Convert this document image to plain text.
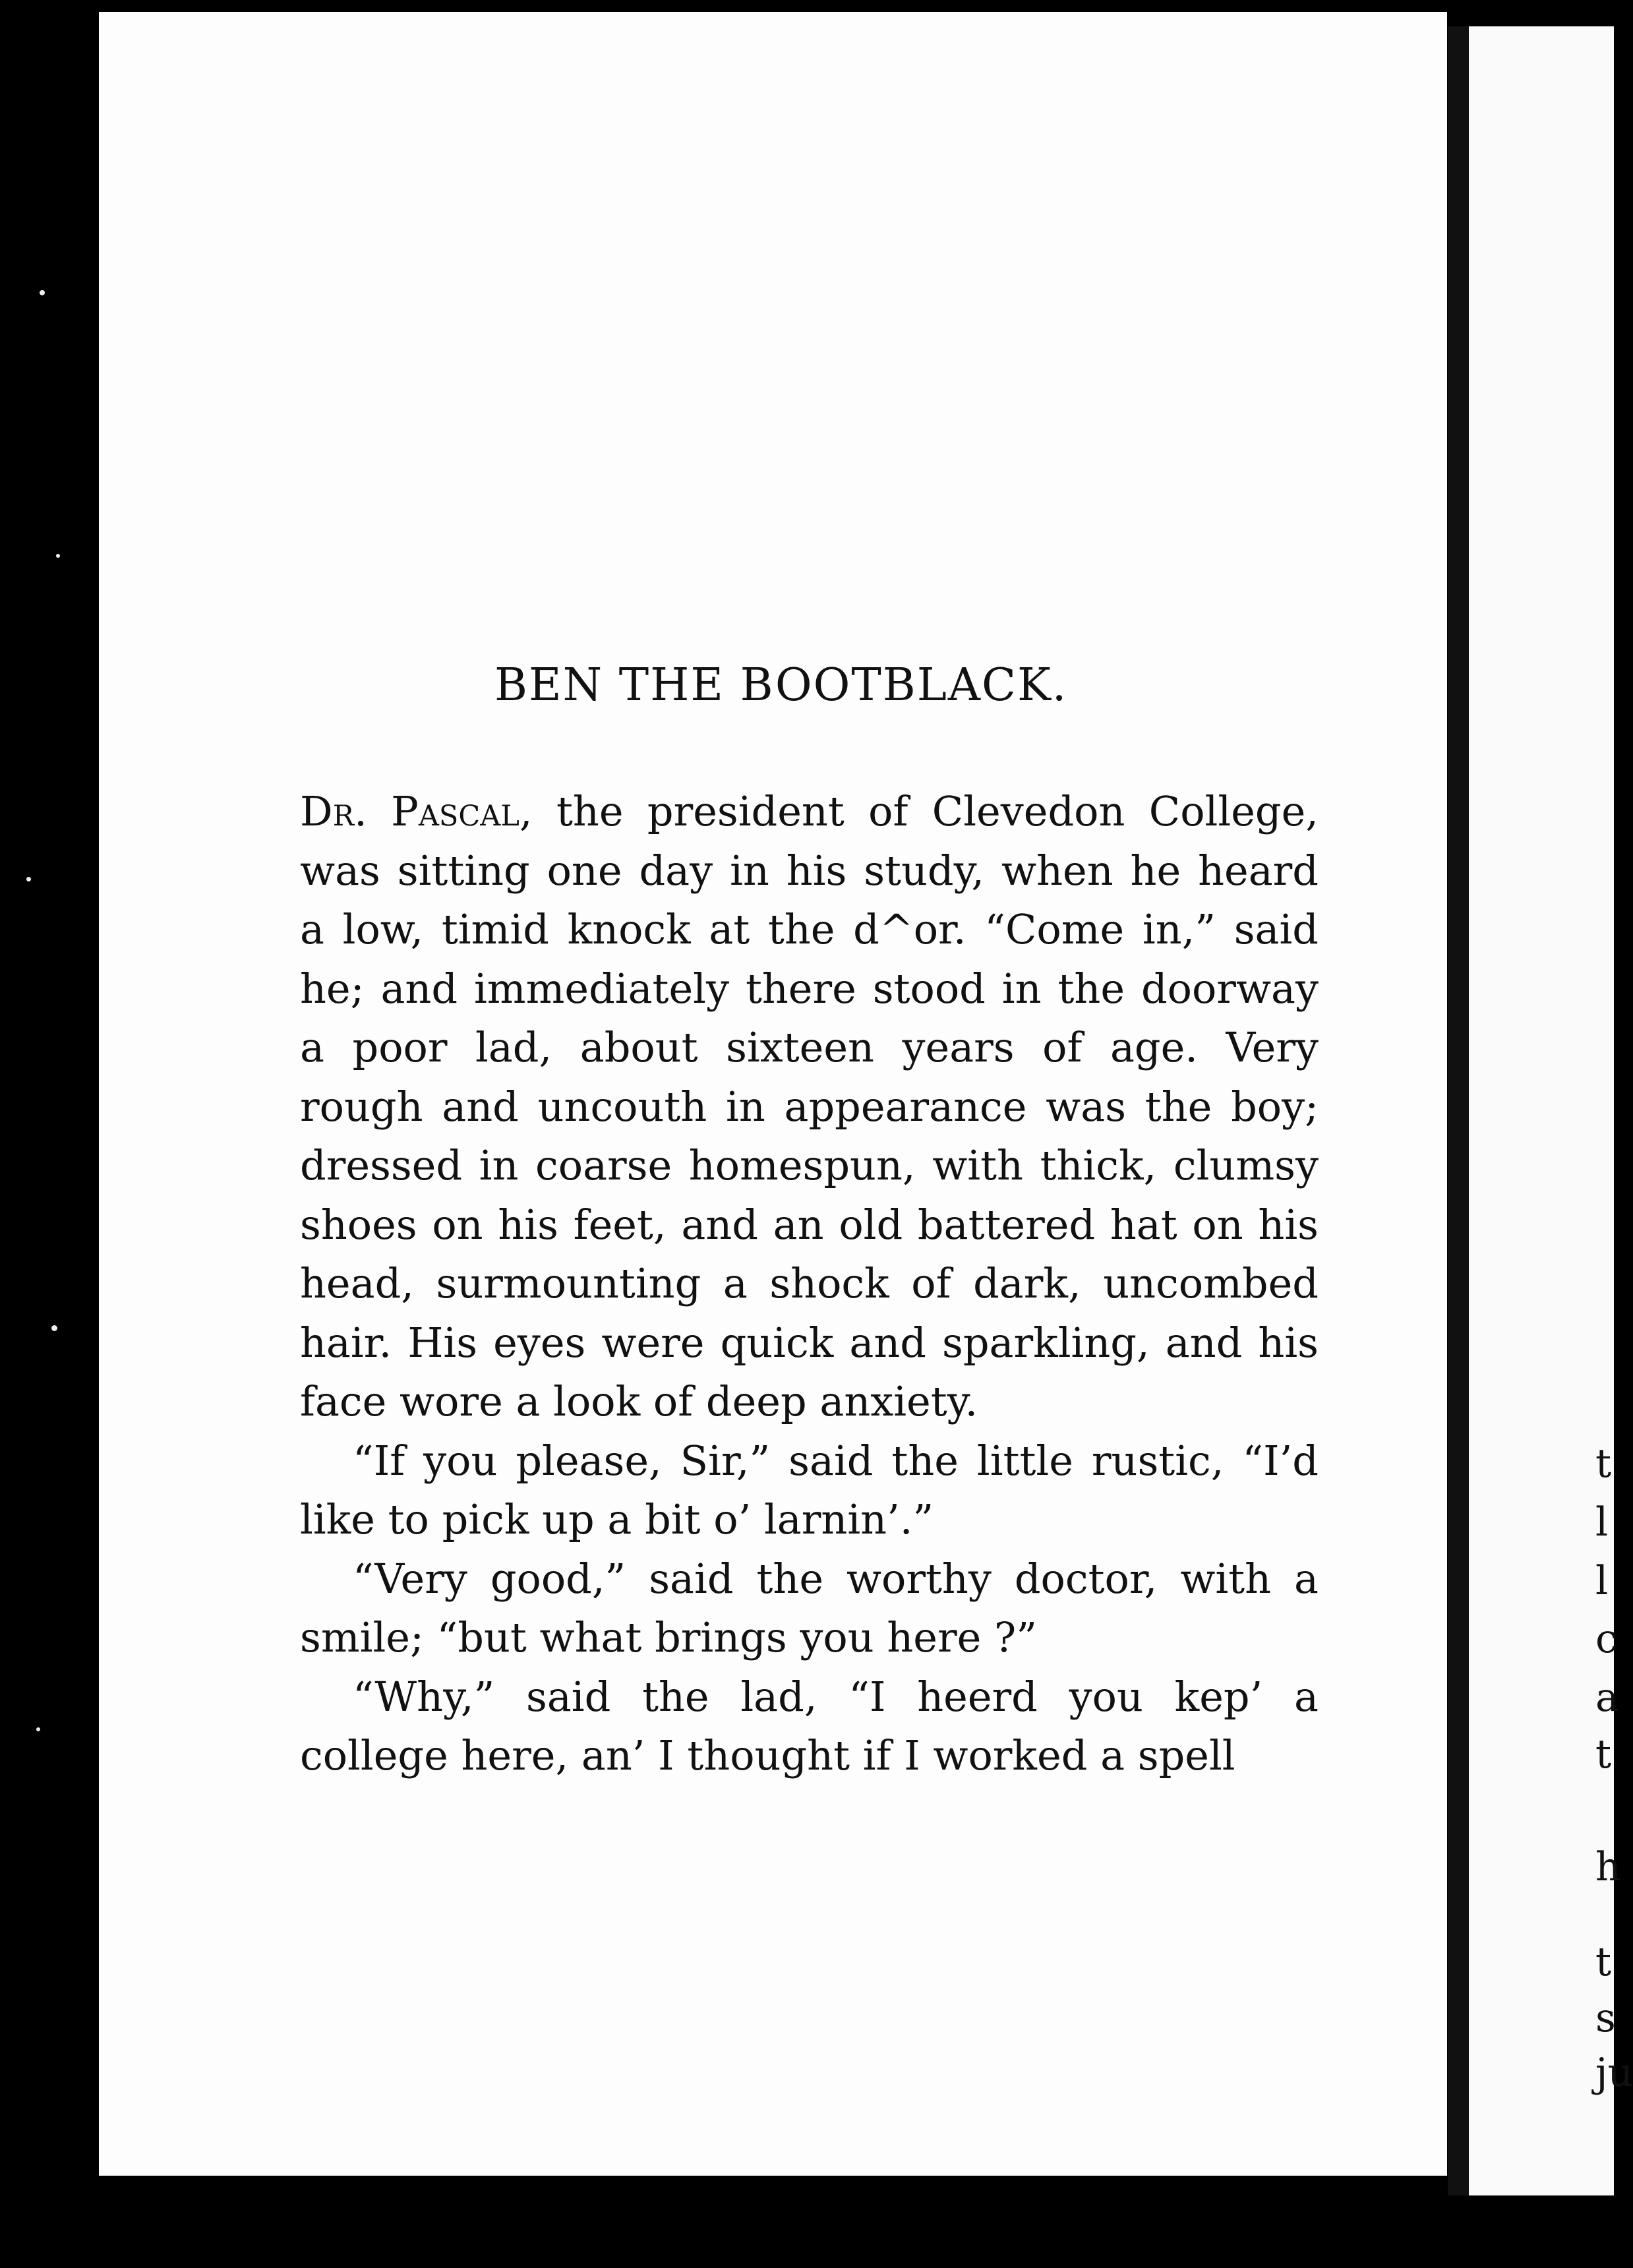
BEN THE BOOTBLACK.

Dr. Pascal, the president of Clevedon College, was sitting one day in his study, when he heard a low, timid knock at the d^or. “Come in,” said he; and immediately there stood in the doorway a poor lad, about sixteen years of age. Very rough and uncouth in appearance was the boy; dressed in coarse homespun, with thick, clumsy shoes on his feet, and an old battered hat on his head, surmounting a shock of dark, uncombed hair. His eyes were quick and sparkling, and his face wore a look of deep anxiety.

“If you please, Sir,” said the little rustic, “I’d like to pick up a bit o’ larnin’.”

“Very good,” said the worthy doctor, with a smile; “but what brings you here ?”

“Why,” said the lad, “I heerd you kep’ a college here, an’ I thought if I worked a spell

t
l
l
c
a
t
h
t
s
ju
